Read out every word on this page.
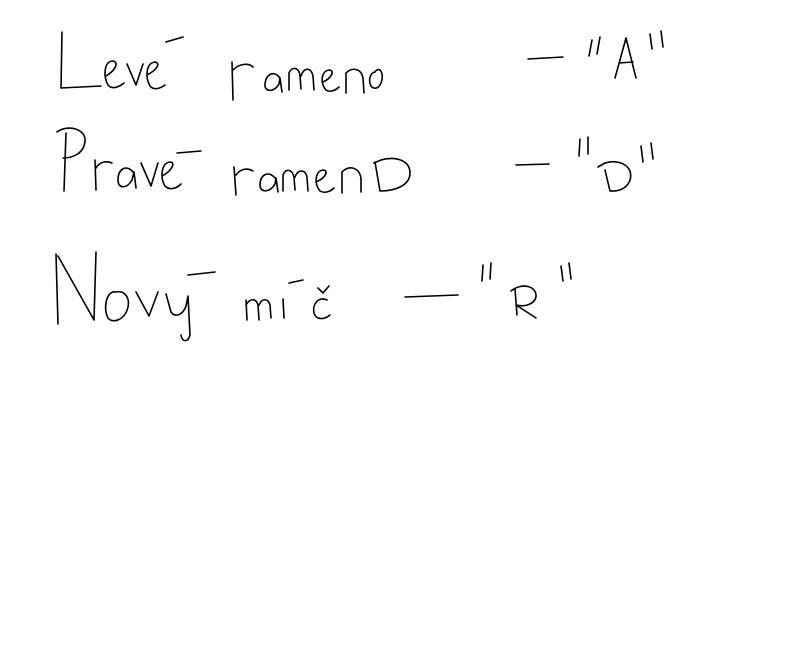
Levé rameno — "A"
Pravé rameno — "D"
Nový míč — "R"
